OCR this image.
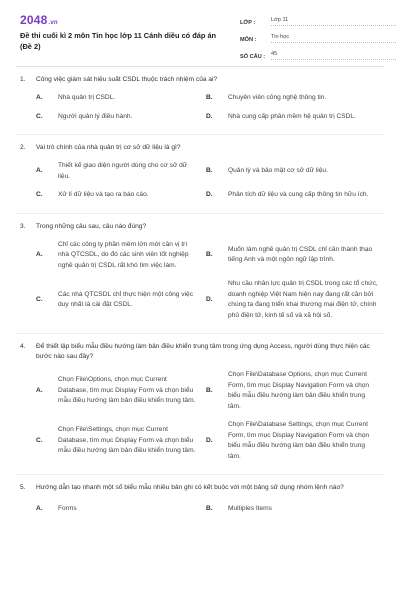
2048.vn
Đề thi cuối kì 2 môn Tin học lớp 11 Cánh diều có đáp án (Đề 2)
LỚP :	Lớp 11
MÔN :	Tin học
SỐ CÂU :	45
1.	Công việc giám sát hiệu suất CSDL thuộc trách nhiệm của ai?
A.	Nhà quản trị CSDL.	B.	Chuyên viên công nghệ thông tin.
C.	Người quản lý điều hành.	D.	Nhà cung cấp phần mềm hệ quản trị CSDL.
2.	Vai trò chính của nhà quản trị cơ sở dữ liệu là gì?
A.
Thiết kế giao diện người dùng cho cơ sở dữ liệu.
B.	Quản lý và bảo mật cơ sở dữ liệu.
C.	Xử lí dữ liệu và tạo ra báo cáo.	D.	Phân tích dữ liệu và cung cấp thông tin hữu ích.
3.	Trong những câu sau, câu nào đúng?
A.
Chỉ các công ty phần mềm lớn mới cần vị trí nhà QTCSDL, do đó các sinh viên tốt nghiệp nghề quản trị CSDL rất khó tìm việc làm.
B.
Muốn làm nghề quản trị CSDL chỉ cần thành thạo tiếng Anh và một ngôn ngữ lập trình.
C.
Các nhà QTCSDL chỉ thực hiện một công việc duy nhất là cài đặt CSDL.
D.
Nhu cầu nhân lực quản trị CSDL trong các tổ chức, doanh nghiệp Việt Nam hiện nay đang rất cần bởi chúng ta đang triển khai thương mại điện tử, chính phủ điện tử, kinh tế số và xã hội số.
4.	Để thiết lập biểu mẫu điều hướng làm bản điều khiển trung tâm trong ứng dụng Access, người dùng thực hiện các bước nào sau đây?
A.
Chọn File\Options, chọn mục Current Database, tìm mục Display Form và chọn biểu mẫu điều hướng làm bản điều khiển trung tâm.
B.
Chọn File\Database Options, chọn mục Current Form, tìm mục Display Navigation Form và chọn biểu mẫu điều hướng làm bản điều khiển trung tâm.
C.
Chọn File\Settings, chọn mục Current Database, tìm mục Display Form và chọn biểu mẫu điều hướng làm bản điều khiển trung tâm.
D.
Chọn File\Database Settings, chọn mục Current Form, tìm mục Display Navigation Form và chọn biểu mẫu điều hướng làm bản điều khiển trung tâm.
5.	Hướng dẫn tạo nhanh một số biểu mẫu nhiều bản ghi có kết buộc với một bảng sử dụng nhóm lệnh nào?
A.	Forms	B.	Multiples Items
